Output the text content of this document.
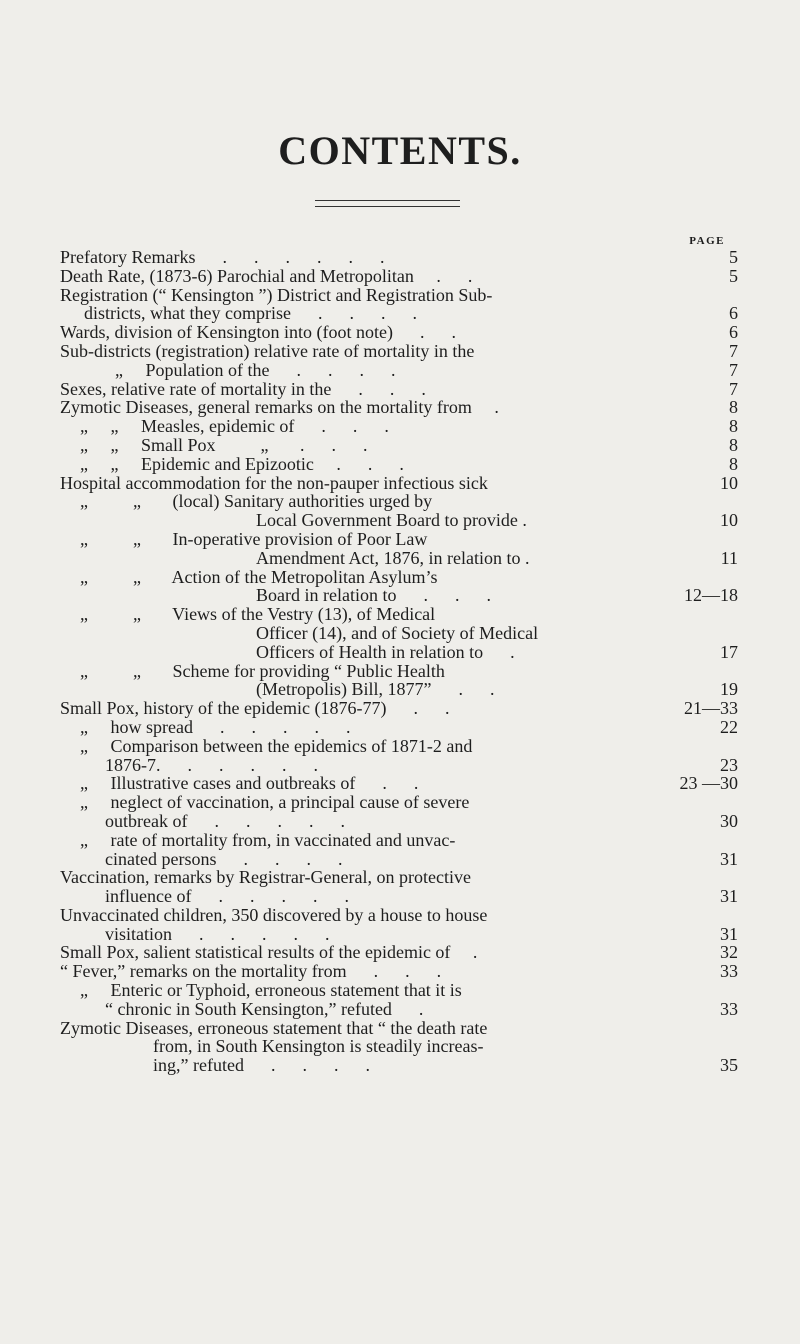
CONTENTS.
PAGE
Prefatory Remarks      .      .      .      .      .      .	5
Death Rate, (1873-6) Parochial and Metropolitan     .      .	5
Registration (“ Kensington ”) District and Registration Sub-
districts, what they comprise      .      .      .      .	6
Wards, division of Kensington into (foot note)      .      .	6
Sub-districts (registration) relative rate of mortality in the	7
„     Population of the      .      .      .      .	7
Sexes, relative rate of mortality in the      .      .      .	7
Zymotic Diseases, general remarks on the mortality from     .	8
„     „     Measles, epidemic of      .      .      .	8
„     „     Small Pox          „       .      .      .	8
„     „     Epidemic and Epizootic     .      .      .	8
Hospital accommodation for the non-pauper infectious sick	10
„          „       (local) Sanitary authorities urged by
Local Government Board to provide .	10
„          „       In-operative provision of Poor Law
Amendment Act, 1876, in relation to .	11
„          „       Action of the Metropolitan Asylum’s
Board in relation to      .      .      .	12—18
„          „       Views of the Vestry (13), of Medical
Officer (14), and of Society of Medical
Officers of Health in relation to      .	17
„          „       Scheme for providing “ Public Health
(Metropolis) Bill, 1877”      .      .	19
Small Pox, history of the epidemic (1876-77)      .      .	21—33
„     how spread      .      .      .      .      .	22
„     Comparison between the epidemics of 1871-2 and
1876-7.      .      .      .      .      .	23
„     Illustrative cases and outbreaks of      .      .	23 —30
„     neglect of vaccination, a principal cause of severe
outbreak of      .      .      .      .      .	30
„     rate of mortality from, in vaccinated and unvac-
cinated persons      .      .      .      .	31
Vaccination, remarks by Registrar-General, on protective
influence of      .      .      .      .      .	31
Unvaccinated children, 350 discovered by a house to house
visitation      .      .      .      .      .	31
Small Pox, salient statistical results of the epidemic of     .	32
“ Fever,” remarks on the mortality from      .      .      .	33
„     Enteric or Typhoid, erroneous statement that it is
“ chronic in South Kensington,” refuted      .	33
Zymotic Diseases, erroneous statement that “ the death rate
from, in South Kensington is steadily increas-
ing,” refuted      .      .      .      .	35
